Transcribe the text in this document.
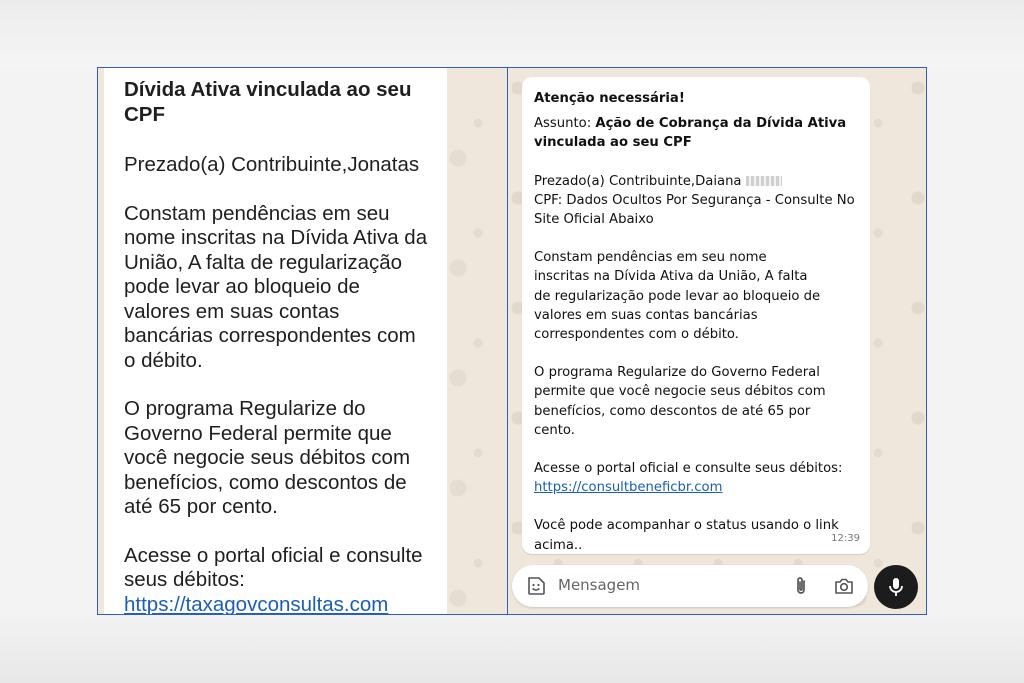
Dívida Ativa vinculada ao seu CPF

Prezado(a) Contribuinte,Jonatas

Constam pendências em seu nome inscritas na Dívida Ativa da União, A falta de regularização pode levar ao bloqueio de valores em suas contas bancárias correspondentes com o débito.

O programa Regularize do Governo Federal permite que você negocie seus débitos com benefícios, como descontos de até 65 por cento.

Acesse o portal oficial e consulte seus débitos:
https://taxagovconsultas.com

Atenção necessária!
Assunto: Ação de Cobrança da Dívida Ativa vinculada ao seu CPF

Prezado(a) Contribuinte,Daiana
CPF: Dados Ocultos Por Segurança - Consulte No Site Oficial Abaixo

Constam pendências em seu nome inscritas na Dívida Ativa da União, A falta de regularização pode levar ao bloqueio de valores em suas contas bancárias correspondentes com o débito.

O programa Regularize do Governo Federal permite que você negocie seus débitos com benefícios, como descontos de até 65 por cento.

Acesse o portal oficial e consulte seus débitos:
https://consultbeneficbr.com

Você pode acompanhar o status usando o link acima..	12:39
Mensagem
